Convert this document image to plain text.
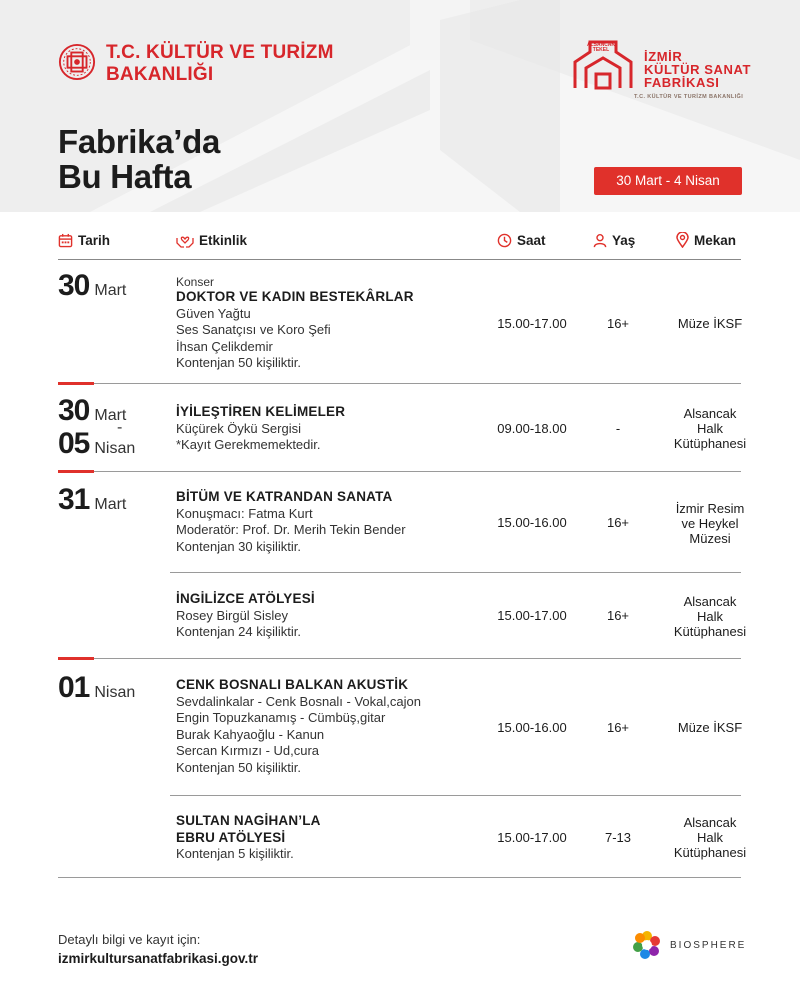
T.C. KÜLTÜR VE TURİZM
BAKANLIĞI
ALSANCAK
TEKEL	İZMİR
KÜLTÜR SANAT
FABRİKASI
T.C. KÜLTÜR VE TURİZM BAKANLIĞI
Fabrika’da
Bu Hafta	30 Mart - 4 Nisan
Tarih	Etkinlik	Saat	Yaş	Mekan
30 Mart	Konser
DOKTOR VE KADIN BESTEKÂRLAR
Güven Yağtu
Ses Sanatçısı ve Koro Şefi
İhsan Çelikdemir
Kontenjan 50 kişiliktir.
15.00-17.00	16+	Müze İKSF
30 Mart
-
05 Nisan
İYİLEŞTİREN KELİMELER
Küçürek Öykü Sergisi
*Kayıt Gerekmemektedir.
09.00-18.00	-
Alsancak
Halk
Kütüphanesi
31 Mart	BİTÜM VE KATRANDAN SANATA
Konuşmacı: Fatma Kurt
Moderatör: Prof. Dr. Merih Tekin Bender
Kontenjan 30 kişiliktir.
15.00-16.00	16+
İzmir Resim
ve Heykel
Müzesi
İNGİLİZCE ATÖLYESİ
Rosey Birgül Sisley
Kontenjan 24 kişiliktir.
15.00-17.00	16+
Alsancak
Halk
Kütüphanesi
01 Nisan	CENK BOSNALI BALKAN AKUSTİK
Sevdalinkalar - Cenk Bosnalı - Vokal,cajon
Engin Topuzkanamış - Cümbüş,gitar
Burak Kahyaoğlu - Kanun
Sercan Kırmızı - Ud,cura
Kontenjan 50 kişiliktir.
15.00-16.00	16+	Müze İKSF
SULTAN NAGİHAN’LA
EBRU ATÖLYESİ
Kontenjan 5 kişiliktir.
15.00-17.00	7-13
Alsancak
Halk
Kütüphanesi
Detaylı bilgi ve kayıt için:
izmirkultursanatfabrikasi.gov.tr
BIOSPHERE
